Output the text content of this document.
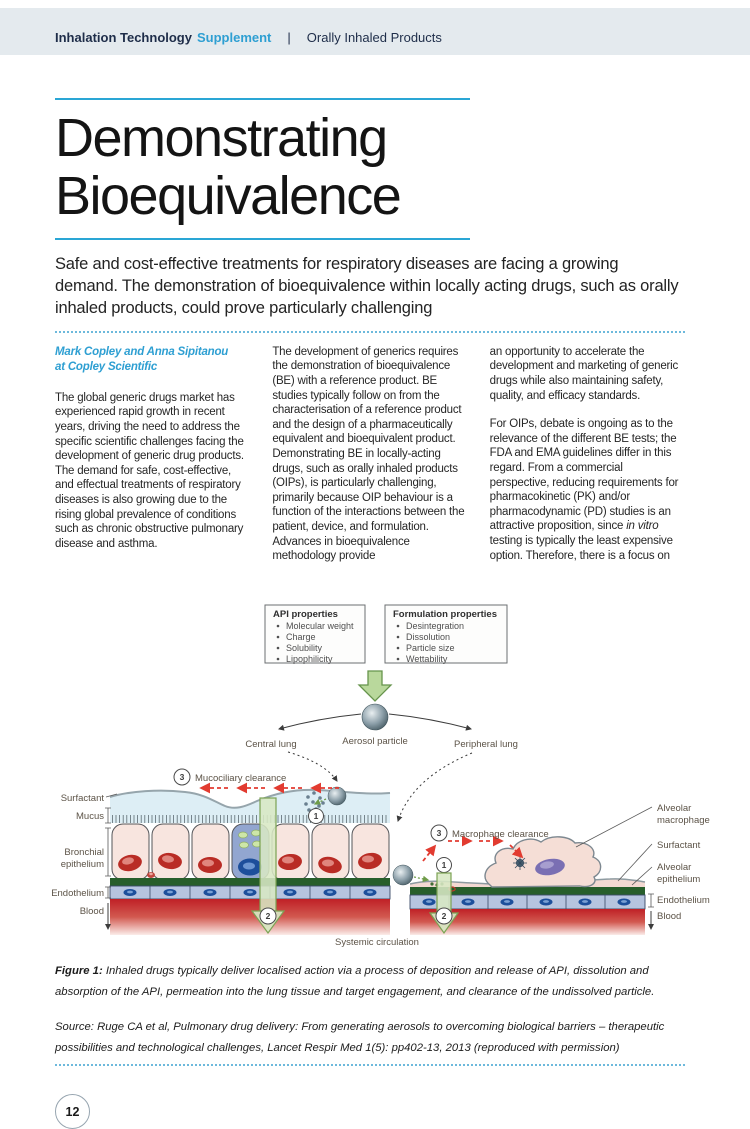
Inhalation Technology Supplement | Orally Inhaled Products
Demonstrating
Bioequivalence
Safe and cost-effective treatments for respiratory diseases are facing a growing demand. The demonstration of bioequivalence within locally acting drugs, such as orally inhaled products, could prove particularly challenging
Mark Copley and Anna Sipitanou
at Copley Scientific

The global generic drugs market has experienced rapid growth in recent years, driving the need to address the specific scientific challenges facing the development of generic drug products. The demand for safe, cost-effective, and effectual treatments of respiratory diseases is also growing due to the rising global prevalence of conditions such as chronic obstructive pulmonary disease and asthma.

The development of generics requires the demonstration of bioequivalence (BE) with a reference product. BE studies typically follow on from the characterisation of a reference product and the design of a pharmaceutically equivalent and bioequivalent product. Demonstrating BE in locally-acting drugs, such as orally inhaled products (OIPs), is particularly challenging, primarily because OIP behaviour is a function of the interactions between the patient, device, and formulation. Advances in bioequivalence methodology provide

an opportunity to accelerate the development and marketing of generic drugs while also maintaining safety, quality, and efficacy standards.

For OIPs, debate is ongoing as to the relevance of the different BE tests; the FDA and EMA guidelines differ in this regard. From a commercial perspective, reducing requirements for pharmacokinetic (PK) and/or pharmacodynamic (PD) studies is an attractive proposition, since in vitro testing is typically the least expensive option. Therefore, there is a focus on

API properties
Molecular weight
Charge
Solubility
Lipophilicity
Formulation properties
Desintegration
Dissolution
Particle size
Wettability
Aerosol particle
Central lung	Peripheral lung
3 Mucociliary clearance
1
2
Surfactant
Mucus
Bronchial
epithelium
Endothelium
Blood
3 Macrophage clearance
1
2
Alveolar
macrophage
Surfactant
Alveolar
epithelium
Endothelium
Blood
Systemic circulation
Figure 1: Inhaled drugs typically deliver localised action via a process of deposition and release of API, dissolution and absorption of the API, permeation into the lung tissue and target engagement, and clearance of the undissolved particle.
Source: Ruge CA et al, Pulmonary drug delivery: From generating aerosols to overcoming biological barriers – therapeutic possibilities and technological challenges, Lancet Respir Med 1(5): pp402-13, 2013 (reproduced with permission)
12
